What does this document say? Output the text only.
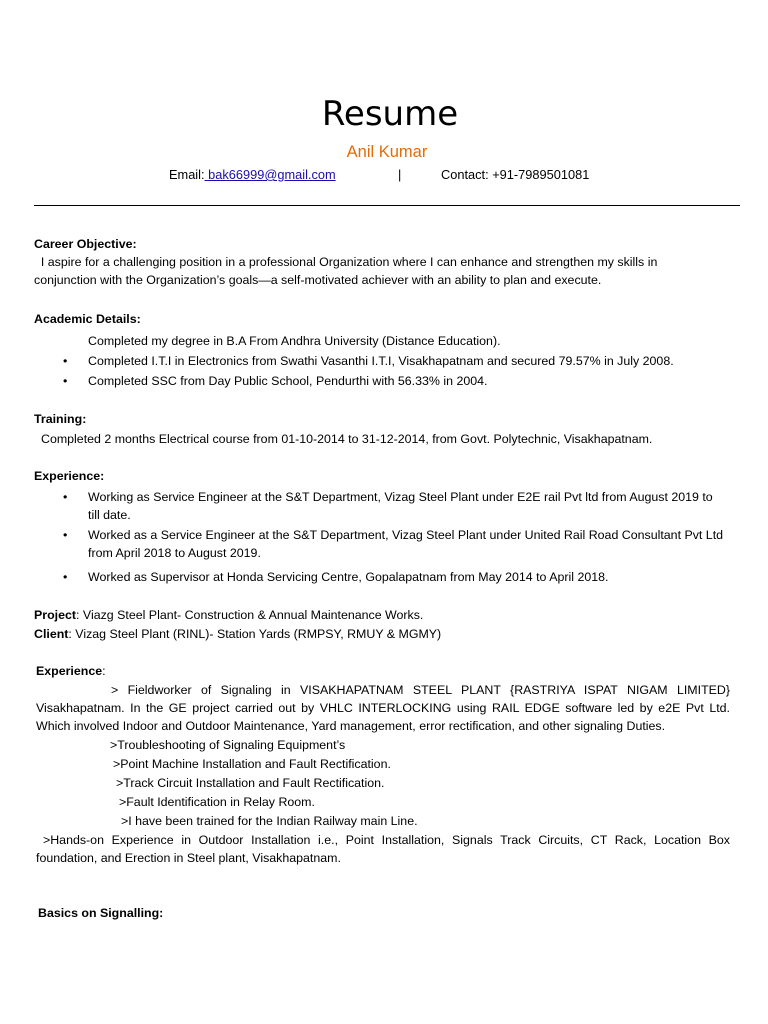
Resume
Anil Kumar
Email: bak66999@gmail.com	|	Contact: +91-7989501081
Career Objective:
I aspire for a challenging position in a professional Organization where I can enhance and strengthen my skills in conjunction with the Organization’s goals—a self-motivated achiever with an ability to plan and execute.
Academic Details:
Completed my degree in B.A From Andhra University (Distance Education).
• Completed I.T.I in Electronics from Swathi Vasanthi I.T.I, Visakhapatnam and secured 79.57% in July 2008.
• Completed SSC from Day Public School, Pendurthi with 56.33% in 2004.
Training:
Completed 2 months Electrical course from 01-10-2014 to 31-12-2014, from Govt. Polytechnic, Visakhapatnam.
Experience:
• Working as Service Engineer at the S&T Department, Vizag Steel Plant under E2E rail Pvt ltd from August 2019 to till date.
• Worked as a Service Engineer at the S&T Department, Vizag Steel Plant under United Rail Road Consultant Pvt Ltd from April 2018 to August 2019.
• Worked as Supervisor at Honda Servicing Centre, Gopalapatnam from May 2014 to April 2018.
Project: Viazg Steel Plant- Construction & Annual Maintenance Works.
Client: Vizag Steel Plant (RINL)- Station Yards (RMPSY, RMUY & MGMY)
Experience:
> Fieldworker of Signaling in VISAKHAPATNAM STEEL PLANT {RASTRIYA ISPAT NIGAM LIMITED} Visakhapatnam. In the GE project carried out by VHLC INTERLOCKING using RAIL EDGE software led by e2E Pvt Ltd. Which involved Indoor and Outdoor Maintenance, Yard management, error rectification, and other signaling Duties.
>Troubleshooting of Signaling Equipment’s
>Point Machine Installation and Fault Rectification.
>Track Circuit Installation and Fault Rectification.
>Fault Identification in Relay Room.
>I have been trained for the Indian Railway main Line.
>Hands-on Experience in Outdoor Installation i.e., Point Installation, Signals Track Circuits, CT Rack, Location Box foundation, and Erection in Steel plant, Visakhapatnam.
Basics on Signalling:
